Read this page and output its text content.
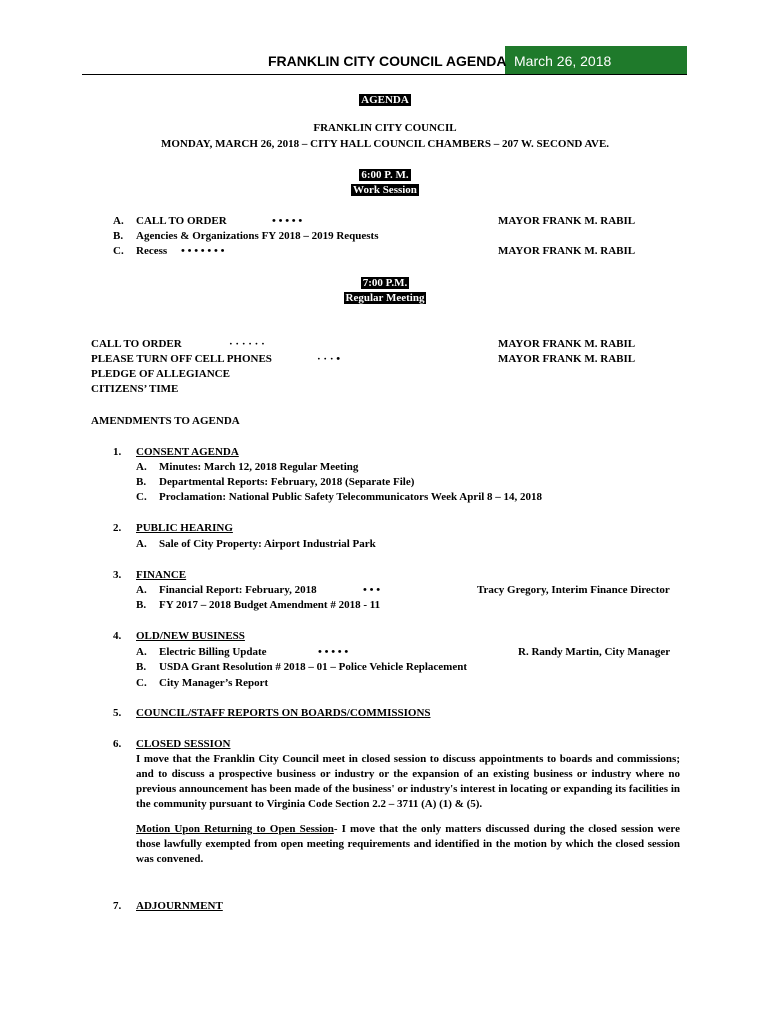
FRANKLIN CITY COUNCIL AGENDA March 26, 2018
AGENDA
FRANKLIN CITY COUNCIL
MONDAY, MARCH 26, 2018 – CITY HALL COUNCIL CHAMBERS – 207 W. SECOND AVE.
6:00 P. M.
Work Session
A. CALL TO ORDER	• • • • •	MAYOR FRANK M. RABIL
B. Agencies & Organizations FY 2018 – 2019 Requests
C. Recess • • • • • • •	MAYOR FRANK M. RABIL
7:00 P.M.
Regular Meeting
CALL TO ORDER	· · · · · ·	MAYOR FRANK M. RABIL
PLEASE TURN OFF CELL PHONES	· · · •	MAYOR FRANK M. RABIL
PLEDGE OF ALLEGIANCE
CITIZENS’ TIME
AMENDMENTS TO AGENDA
1. CONSENT AGENDA
A. Minutes: March 12, 2018 Regular Meeting
B. Departmental Reports: February, 2018 (Separate File)
C. Proclamation: National Public Safety Telecommunicators Week April 8 – 14, 2018
2. PUBLIC HEARING
A. Sale of City Property: Airport Industrial Park
3. FINANCE
A. Financial Report: February, 2018	• • •	Tracy Gregory, Interim Finance Director
B. FY 2017 – 2018 Budget Amendment # 2018 - 11
4. OLD/NEW BUSINESS
A. Electric Billing Update	• • • • •	R. Randy Martin, City Manager
B. USDA Grant Resolution # 2018 – 01 – Police Vehicle Replacement
C. City Manager’s Report
5. COUNCIL/STAFF REPORTS ON BOARDS/COMMISSIONS
6. CLOSED SESSION
I move that the Franklin City Council meet in closed session to discuss appointments to boards and commissions; and to discuss a prospective business or industry or the expansion of an existing business or industry where no previous announcement has been made of the business' or industry's interest in locating or expanding its facilities in the community pursuant to Virginia Code Section 2.2 – 3711 (A) (1) & (5).
Motion Upon Returning to Open Session- I move that the only matters discussed during the closed session were those lawfully exempted from open meeting requirements and identified in the motion by which the closed session was convened.
7. ADJOURNMENT
